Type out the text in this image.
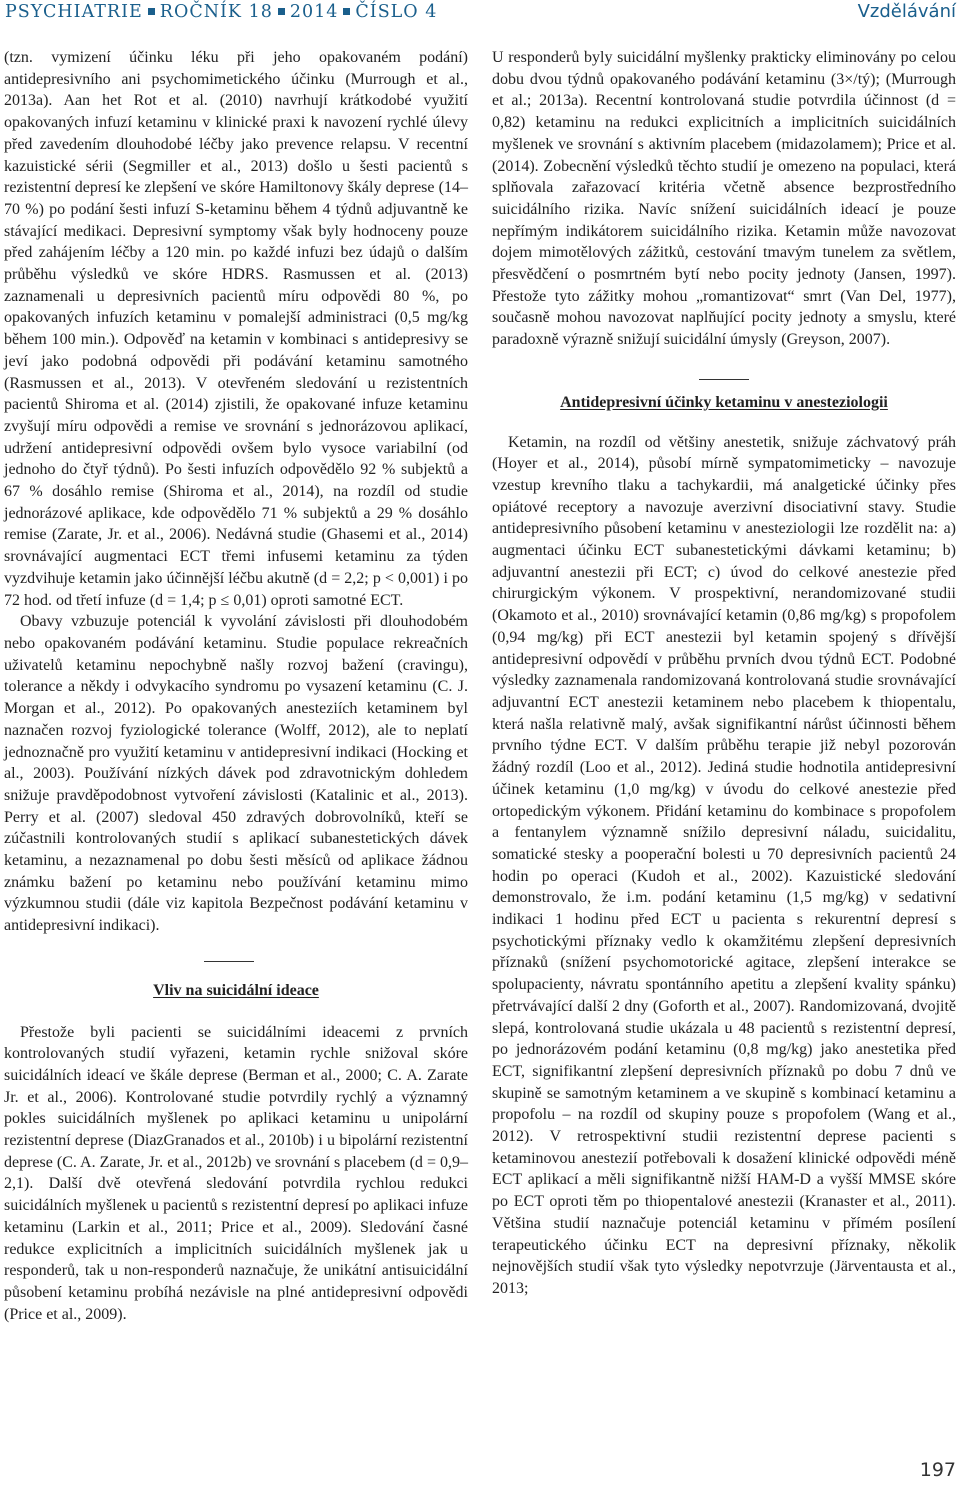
PSYCHIATRIE ROČNÍK 18 2014 ČÍSLO 4	Vzdělávání

(tzn. vymizení účinku léku při jeho opakovaném podání) antidepresivního ani psychomimetického účinku (Murrough et al., 2013a). Aan het Rot et al. (2010) navrhují krátkodobé využití opakovaných infuzí ketaminu v klinické praxi k navození rychlé úlevy před zavedením dlouhodobé léčby jako prevence relapsu. V recentní kazuistické sérii (Segmiller et al., 2013) došlo u šesti pacientů s rezistentní depresí ke zlepšení ve skóre Hamiltonovy škály deprese (14–70 %) po podání šesti infuzí S-ketaminu během 4 týdnů adjuvantně ke stávající medikaci. Depresivní symptomy však byly hodnoceny pouze před zahájením léčby a 120 min. po každé infuzi bez údajů o dalším průběhu výsledků ve skóre HDRS. Rasmussen et al. (2013) zaznamenali u depresivních pacientů míru odpovědi 80 %, po opakovaných infuzích ketaminu v pomalejší administraci (0,5 mg/kg během 100 min.). Odpověď na ketamin v kombinaci s antidepresivy se jeví jako podobná odpovědi při podávání ketaminu samotného (Rasmussen et al., 2013). V otevřeném sledování u rezistentních pacientů Shiroma et al. (2014) zjistili, že opakované infuze ketaminu zvyšují míru odpovědi a remise ve srovnání s jednorázovou aplikací, udržení antidepresivní odpovědi ovšem bylo vysoce variabilní (od jednoho do čtyř týdnů). Po šesti infuzích odpovědělo 92 % subjektů a 67 % dosáhlo remise (Shiroma et al., 2014), na rozdíl od studie jednorázové aplikace, kde odpovědělo 71 % subjektů a 29 % dosáhlo remise (Zarate, Jr. et al., 2006). Nedávná studie (Ghasemi et al., 2014) srovnávající augmentaci ECT třemi infusemi ketaminu za týden vyzdvihuje ketamin jako účinnější léčbu akutně (d = 2,2; p < 0,001) i po 72 hod. od třetí infuze (d = 1,4; p ≤ 0,01) oproti samotné ECT.

Obavy vzbuzuje potenciál k vyvolání závislosti při dlouhodobém nebo opakovaném podávání ketaminu. Studie populace rekreačních uživatelů ketaminu nepochybně našly rozvoj bažení (cravingu), tolerance a někdy i odvykacího syndromu po vysazení ketaminu (C. J. Morgan et al., 2012). Po opakovaných anesteziích ketaminem byl naznačen rozvoj fyziologické tolerance (Wolff, 2012), ale to neplatí jednoznačně pro využití ketaminu v antidepresivní indikaci (Hocking et al., 2003). Používání nízkých dávek pod zdravotnickým dohledem snižuje pravděpodobnost vytvoření závislosti (Katalinic et al., 2013). Perry et al. (2007) sledoval 450 zdravých dobrovolníků, kteří se zúčastnili kontrolovaných studií s aplikací subanestetických dávek ketaminu, a nezaznamenal po dobu šesti měsíců od aplikace žádnou známku bažení po ketaminu nebo používání ketaminu mimo výzkumnou studii (dále viz kapitola Bezpečnost podávání ketaminu v antidepresivní indikaci).

Vliv na suicidální ideace

Přestože byli pacienti se suicidálními ideacemi z prvních kontrolovaných studií vyřazeni, ketamin rychle snižoval skóre suicidálních ideací ve škále deprese (Berman et al., 2000; C. A. Zarate Jr. et al., 2006). Kontrolované studie potvrdily rychlý a významný pokles suicidálních myšlenek po aplikaci ketaminu u unipolární rezistentní deprese (DiazGranados et al., 2010b) i u bipolární rezistentní deprese (C. A. Zarate, Jr. et al., 2012b) ve srovnání s placebem (d = 0,9–2,1). Další dvě otevřená sledování potvrdila rychlou redukci suicidálních myšlenek u pacientů s rezistentní depresí po aplikaci infuze ketaminu (Larkin et al., 2011; Price et al., 2009). Sledování časné redukce explicitních a implicitních suicidálních myšlenek jak u responderů, tak u non-responderů naznačuje, že unikátní antisuicidální působení ketaminu probíhá nezávisle na plné antidepresivní odpovědi (Price et al., 2009).

U responderů byly suicidální myšlenky prakticky eliminovány po celou dobu dvou týdnů opakovaného podávání ketaminu (3×/tý); (Murrough et al.; 2013a). Recentní kontrolovaná studie potvrdila účinnost (d = 0,82) ketaminu na redukci explicitních a implicitních suicidálních myšlenek ve srovnání s aktivním placebem (midazolamem); Price et al. (2014). Zobecnění výsledků těchto studií je omezeno na populaci, která splňovala zařazovací kritéria včetně absence bezprostředního suicidálního rizika. Navíc snížení suicidálních ideací je pouze nepřímým indikátorem suicidálního rizika. Ketamin může navozovat dojem mimotělových zážitků, cestování tmavým tunelem za světlem, přesvědčení o posmrtném bytí nebo pocity jednoty (Jansen, 1997). Přestože tyto zážitky mohou „romantizovat“ smrt (Van Del, 1977), současně mohou navozovat naplňující pocity jednoty a smyslu, které paradoxně výrazně snižují suicidální úmysly (Greyson, 2007).

Antidepresivní účinky ketaminu v anesteziologii

Ketamin, na rozdíl od většiny anestetik, snižuje záchvatový práh (Hoyer et al., 2014), působí mírně sympatomimeticky – navozuje vzestup krevního tlaku a tachykardii, má analgetické účinky přes opiátové receptory a navozuje averzivní disociativní stavy. Studie antidepresivního působení ketaminu v anesteziologii lze rozdělit na: a) augmentaci účinku ECT subanestetickými dávkami ketaminu; b) adjuvantní anestezii při ECT; c) úvod do celkové anestezie před chirurgickým výkonem. V prospektivní, nerandomizované studii (Okamoto et al., 2010) srovnávající ketamin (0,86 mg/kg) s propofolem (0,94 mg/kg) při ECT anestezii byl ketamin spojený s dřívější antidepresivní odpovědí v průběhu prvních dvou týdnů ECT. Podobné výsledky zaznamenala randomizovaná kontrolovaná studie srovnávající adjuvantní ECT anestezii ketaminem nebo placebem k thiopentalu, která našla relativně malý, avšak signifikantní nárůst účinnosti během prvního týdne ECT. V dalším průběhu terapie již nebyl pozorován žádný rozdíl (Loo et al., 2012). Jediná studie hodnotila antidepresivní účinek ketaminu (1,0 mg/kg) v úvodu do celkové anestezie před ortopedickým výkonem. Přidání ketaminu do kombinace s propofolem a fentanylem významně snížilo depresivní náladu, suicidalitu, somatické stesky a pooperační bolesti u 70 depresivních pacientů 24 hodin po operaci (Kudoh et al., 2002). Kazuistické sledování demonstrovalo, že i.m. podání ketaminu (1,5 mg/kg) v sedativní indikaci 1 hodinu před ECT u pacienta s rekurentní depresí s psychotickými příznaky vedlo k okamžitému zlepšení depresivních příznaků (snížení psychomotorické agitace, zlepšení interakce se spolupacienty, návratu spontánního apetitu a zlepšení kvality spánku) přetrvávající další 2 dny (Goforth et al., 2007). Randomizovaná, dvojitě slepá, kontrolovaná studie ukázala u 48 pacientů s rezistentní depresí, po jednorázovém podání ketaminu (0,8 mg/kg) jako anestetika před ECT, signifikantní zlepšení depresivních příznaků po dobu 7 dnů ve skupině se samotným ketaminem a ve skupině s kombinací ketaminu a propofolu – na rozdíl od skupiny pouze s propofolem (Wang et al., 2012). V retrospektivní studii rezistentní deprese pacienti s ketaminovou anestezií potřebovali k dosažení klinické odpovědi méně ECT aplikací a měli signifikantně nižší HAM-D a vyšší MMSE skóre po ECT oproti těm po thiopentalové anestezii (Kranaster et al., 2011). Většina studií naznačuje potenciál ketaminu v přímém posílení terapeutického účinku ECT na depresivní příznaky, několik nejnovějších studií však tyto výsledky nepotvrzuje (Järventausta et al., 2013;

197
